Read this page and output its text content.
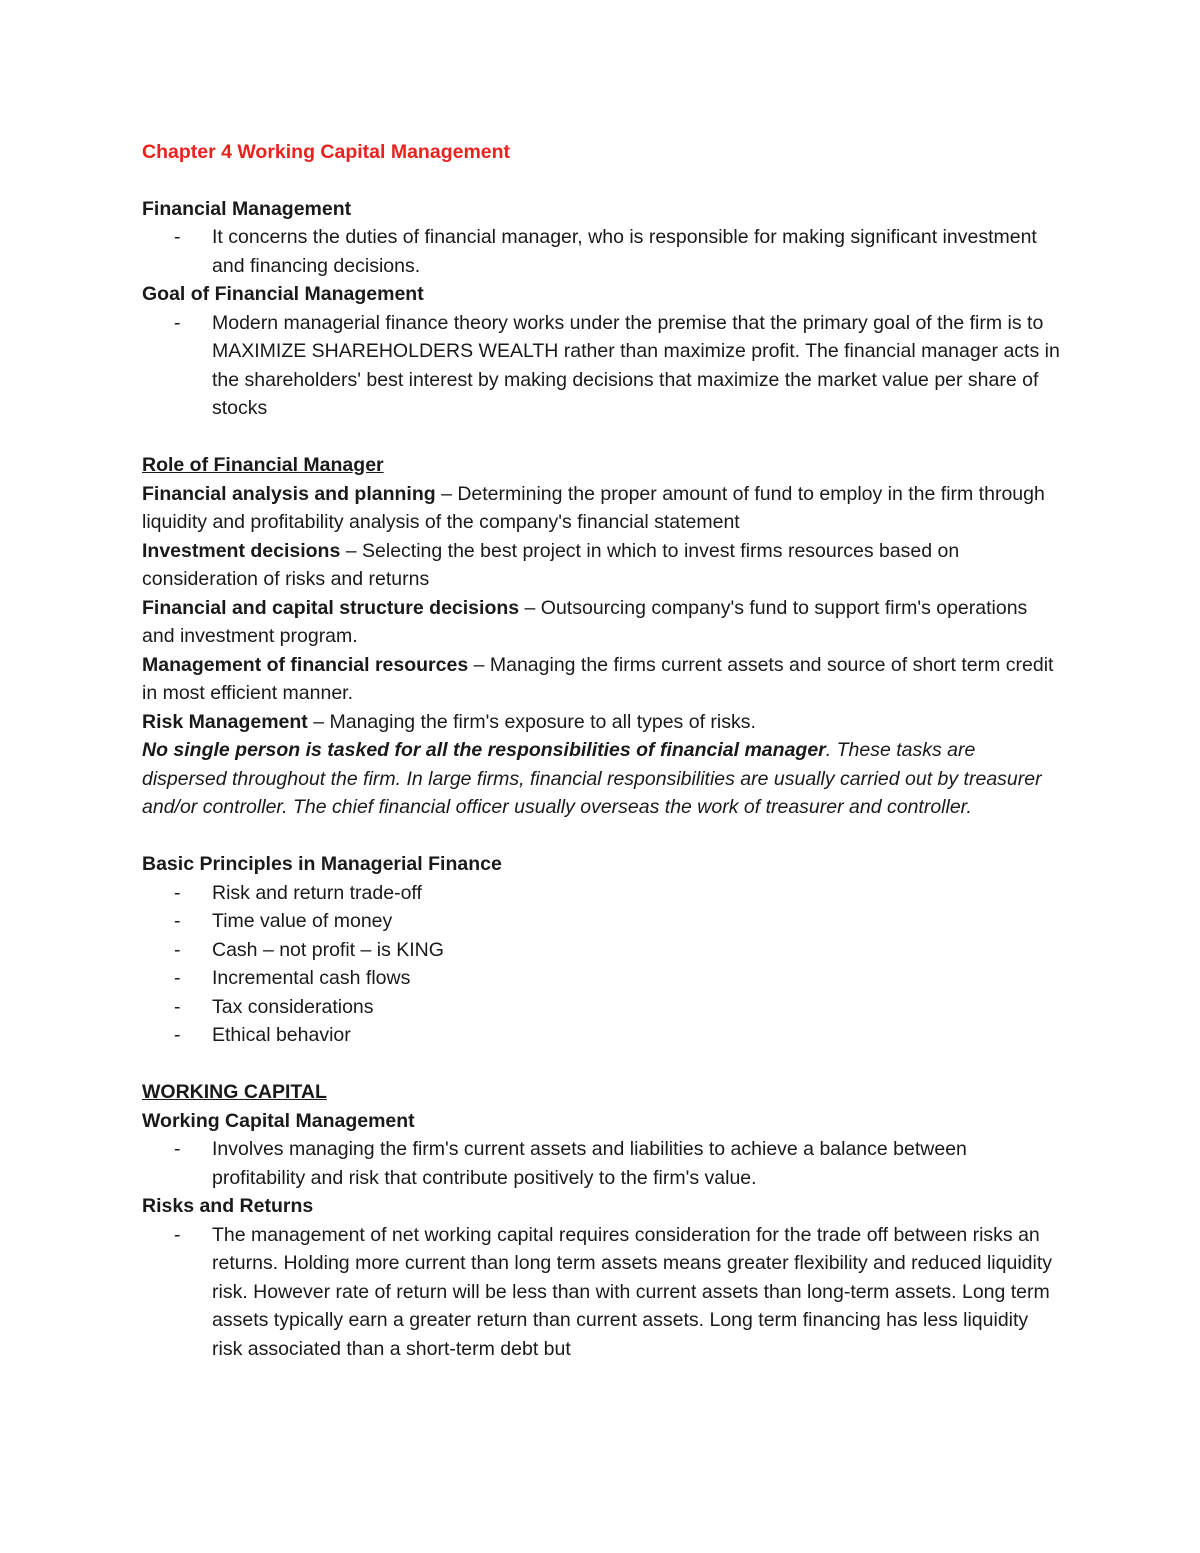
Chapter 4 Working Capital Management

Financial Management

- It concerns the duties of financial manager, who is responsible for making significant investment and financing decisions.

Goal of Financial Management

- Modern managerial finance theory works under the premise that the primary goal of the firm is to MAXIMIZE SHAREHOLDERS WEALTH rather than maximize profit. The financial manager acts in the shareholders' best interest by making decisions that maximize the market value per share of stocks

Role of Financial Manager

Financial analysis and planning – Determining the proper amount of fund to employ in the firm through liquidity and profitability analysis of the company's financial statement

Investment decisions – Selecting the best project in which to invest firms resources based on consideration of risks and returns

Financial and capital structure decisions – Outsourcing company's fund to support firm's operations and investment program.

Management of financial resources – Managing the firms current assets and source of short term credit in most efficient manner.

Risk Management – Managing the firm's exposure to all types of risks.

No single person is tasked for all the responsibilities of financial manager. These tasks are dispersed throughout the firm. In large firms, financial responsibilities are usually carried out by treasurer and/or controller. The chief financial officer usually overseas the work of treasurer and controller.

Basic Principles in Managerial Finance

- Risk and return trade-off
- Time value of money
- Cash – not profit – is KING
- Incremental cash flows
- Tax considerations
- Ethical behavior

WORKING CAPITAL

Working Capital Management

- Involves managing the firm's current assets and liabilities to achieve a balance between profitability and risk that contribute positively to the firm's value.

Risks and Returns

- The management of net working capital requires consideration for the trade off between risks an returns. Holding more current than long term assets means greater flexibility and reduced liquidity risk. However rate of return will be less than with current assets than long-term assets. Long term assets typically earn a greater return than current assets. Long term financing has less liquidity risk associated than a short-term debt but
